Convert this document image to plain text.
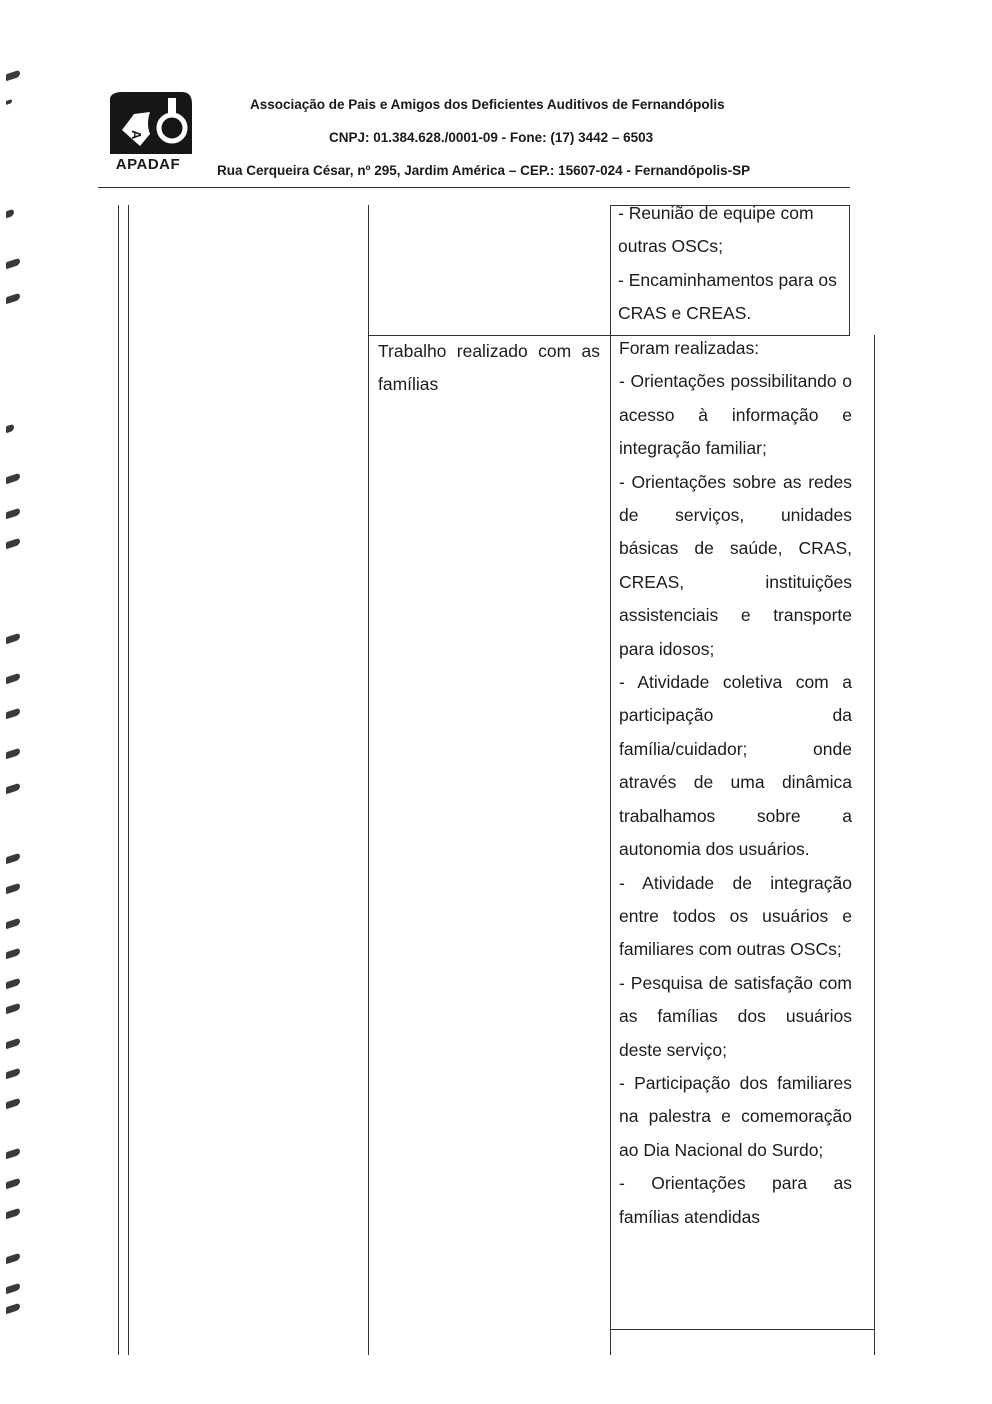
A
APADAF
Associação de Pais e Amigos dos Deficientes Auditivos de Fernandópolis
CNPJ: 01.384.628./0001-09 - Fone: (17) 3442 – 6503
Rua Cerqueira César, nº 295, Jardim América – CEP.: 15607-024 - Fernandópolis-SP
- Reunião de equipe com outras OSCs;
- Encaminhamentos para os CRAS e CREAS.
Trabalho realizado com as famílias

Foram realizadas:

- Orientações possibilitando o acesso à informação e integração familiar;

- Orientações sobre as redes de serviços, unidades básicas de saúde, CRAS, CREAS, instituições assistenciais e transporte para idosos;

- Atividade coletiva com a participação da família/cuidador; onde através de uma dinâmica trabalhamos sobre a autonomia dos usuários.

- Atividade de integração entre todos os usuários e familiares com outras OSCs;

- Pesquisa de satisfação com as famílias dos usuários deste serviço;

- Participação dos familiares na palestra e comemoração ao Dia Nacional do Surdo;

- Orientações para as famílias atendidas
